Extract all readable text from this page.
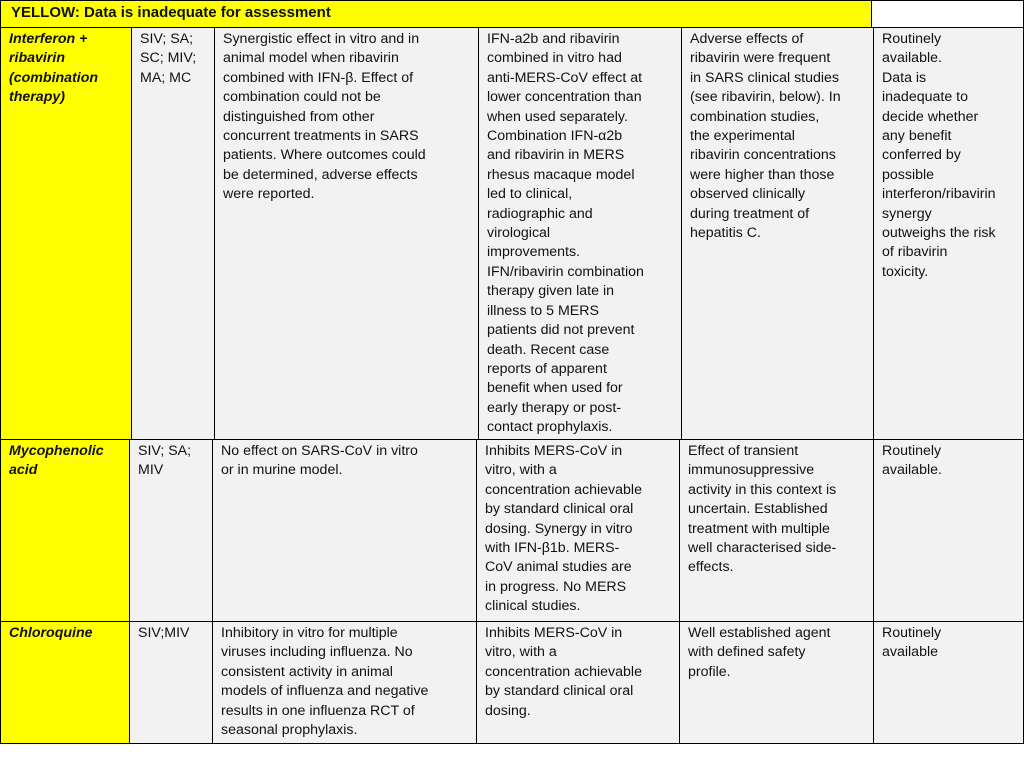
YELLOW: Data is inadequate for assessment
Interferon +
ribavirin
(combination
therapy)
SIV; SA;
SC; MIV;
MA; MC
Synergistic effect in vitro and in
animal model when ribavirin
combined with IFN-β. Effect of
combination could not be
distinguished from other
concurrent treatments in SARS
patients. Where outcomes could
be determined, adverse effects
were reported.
IFN-a2b and ribavirin
combined in vitro had
anti-MERS-CoV effect at
lower concentration than
when used separately.
Combination IFN-α2b
and ribavirin in MERS
rhesus macaque model
led to clinical,
radiographic and
virological
improvements.
IFN/ribavirin combination
therapy given late in
illness to 5 MERS
patients did not prevent
death. Recent case
reports of apparent
benefit when used for
early therapy or post-
contact prophylaxis.
Adverse effects of
ribavirin were frequent
in SARS clinical studies
(see ribavirin, below). In
combination studies,
the experimental
ribavirin concentrations
were higher than those
observed clinically
during treatment of
hepatitis C.
Routinely
available.
Data is
inadequate to
decide whether
any benefit
conferred by
possible
interferon/ribavirin
synergy
outweighs the risk
of ribavirin
toxicity.
Mycophenolic
acid
SIV; SA;
MIV
No effect on SARS-CoV in vitro
or in murine model.
Inhibits MERS-CoV in
vitro, with a
concentration achievable
by standard clinical oral
dosing. Synergy in vitro
with IFN-β1b. MERS-
CoV animal studies are
in progress. No MERS
clinical studies.
Effect of transient
immunosuppressive
activity in this context is
uncertain. Established
treatment with multiple
well characterised side-
effects.
Routinely
available.
Chloroquine	SIV;MIV	Inhibitory in vitro for multiple
viruses including influenza. No
consistent activity in animal
models of influenza and negative
results in one influenza RCT of
seasonal prophylaxis.
Inhibits MERS-CoV in
vitro, with a
concentration achievable
by standard clinical oral
dosing.
Well established agent
with defined safety
profile.
Routinely
available
